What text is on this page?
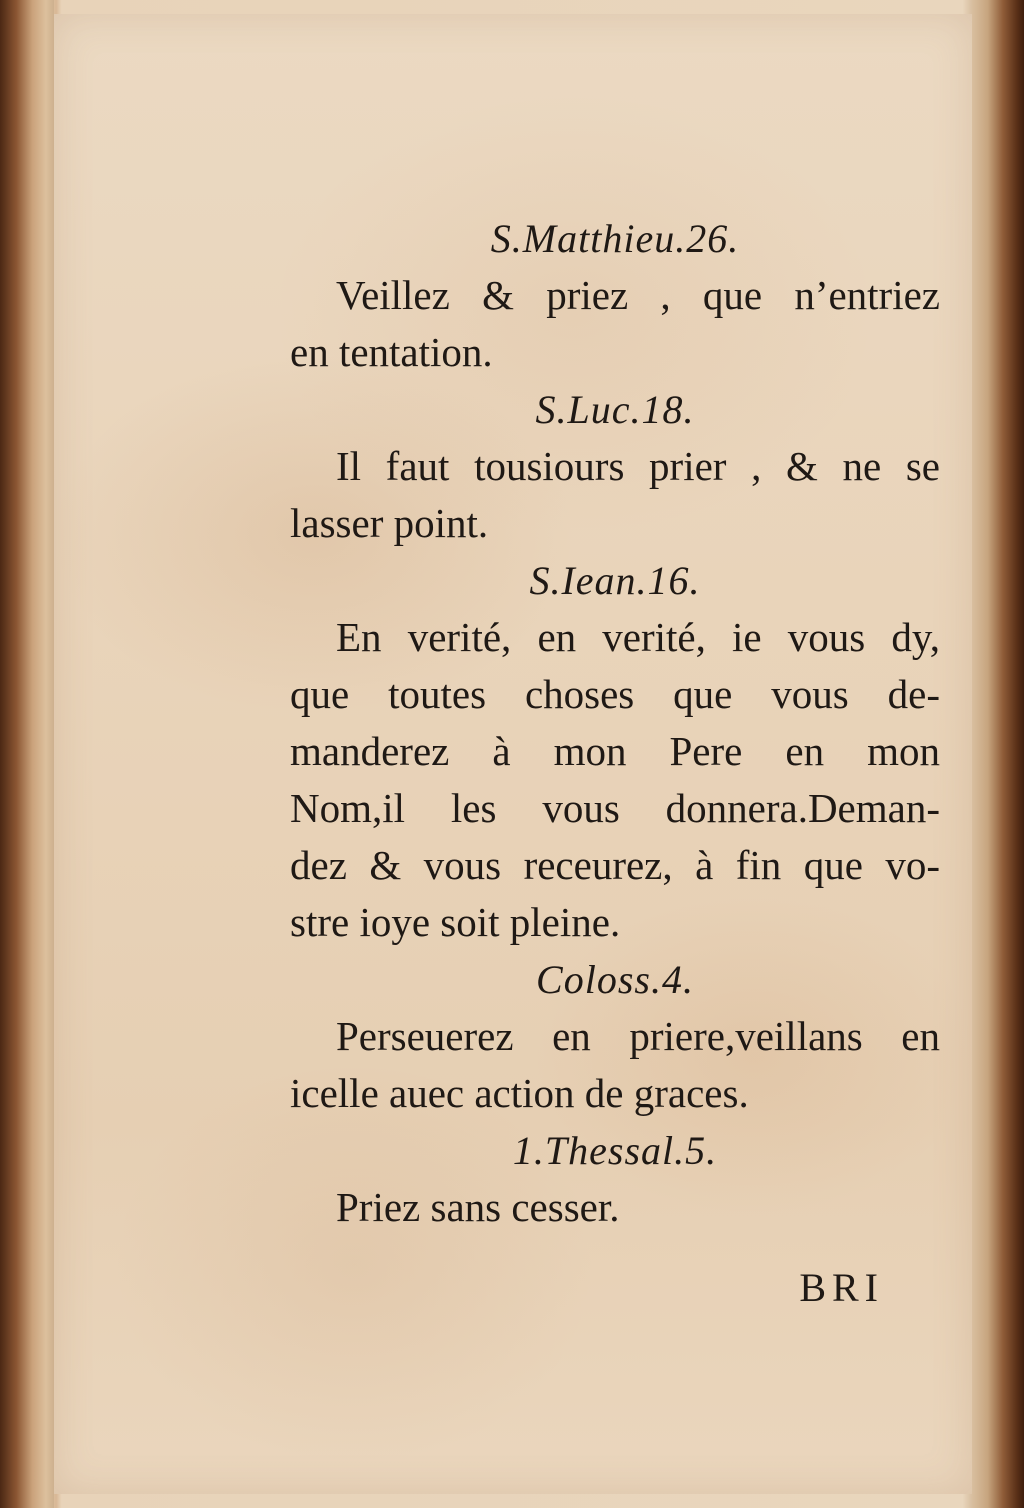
S.Matthieu.26.
Veillez & priez , que n’entriez
en tentation.
S.Luc.18.
Il faut tousiours prier , & ne se
lasser point.
S.Iean.16.
En verité, en verité, ie vous dy,
que toutes choses que vous de-
manderez à mon Pere en mon
Nom,il les vous donnera.Deman-
dez & vous receurez, à fin que vo-
stre ioye soit pleine.
Coloss.4.
Perseuerez en priere,veillans en
icelle auec action de graces.
1.Thessal.5.
Priez sans cesser.
BRI
